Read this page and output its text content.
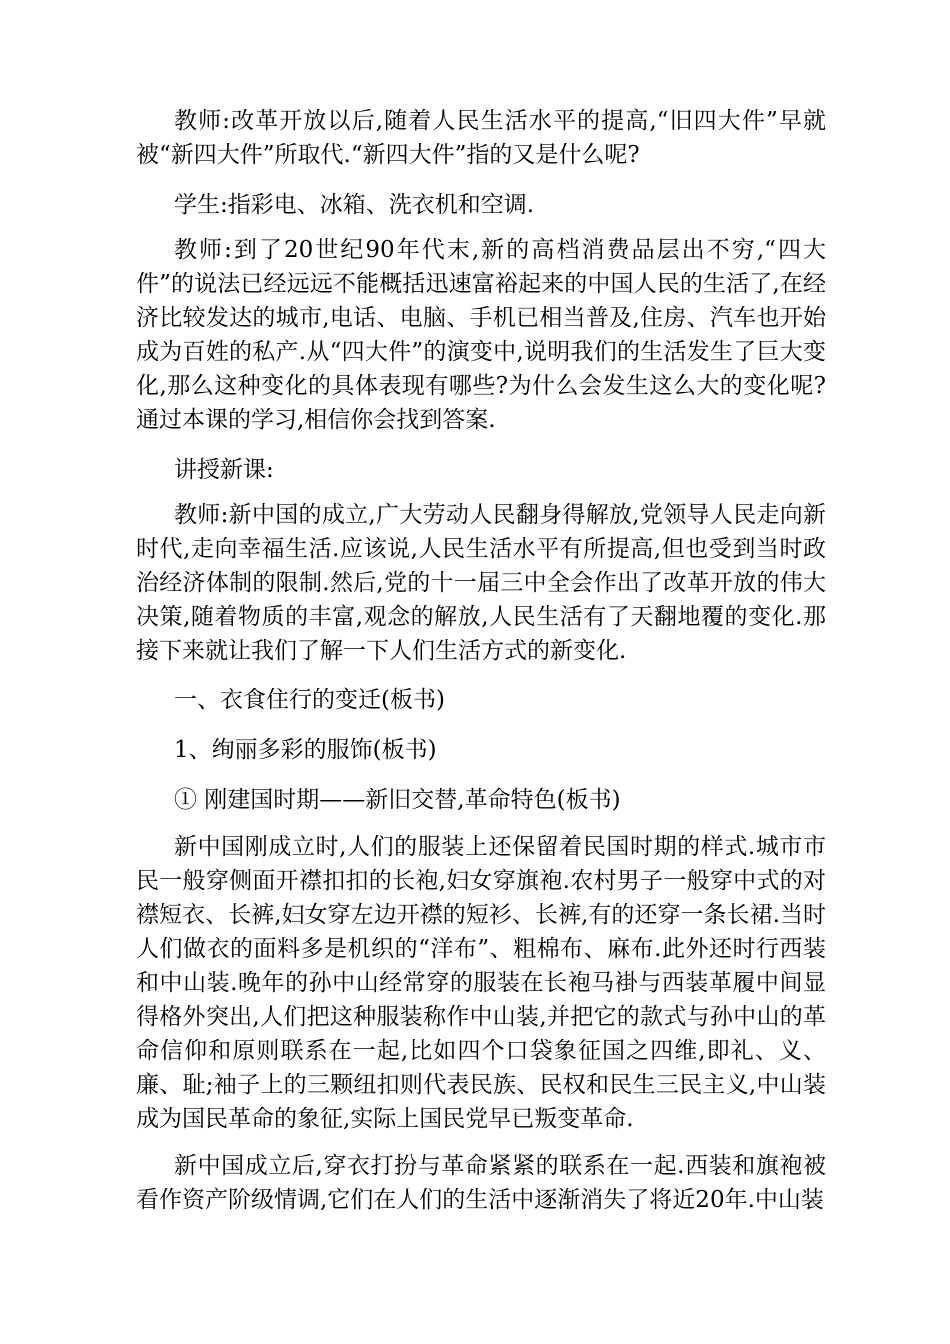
教师:改革开放以后,随着人民生活水平的提高,“旧四大件”早就被“新四大件”所取代.“新四大件”指的又是什么呢?

学生:指彩电、冰箱、洗衣机和空调.

教师:到了20世纪90年代末,新的高档消费品层出不穷,“四大件”的说法已经远远不能概括迅速富裕起来的中国人民的生活了,在经济比较发达的城市,电话、电脑、手机已相当普及,住房、汽车也开始成为百姓的私产.从“四大件”的演变中,说明我们的生活发生了巨大变化,那么这种变化的具体表现有哪些?为什么会发生这么大的变化呢?通过本课的学习,相信你会找到答案.

讲授新课:

教师:新中国的成立,广大劳动人民翻身得解放,党领导人民走向新时代,走向幸福生活.应该说,人民生活水平有所提高,但也受到当时政治经济体制的限制.然后,党的十一届三中全会作出了改革开放的伟大决策,随着物质的丰富,观念的解放,人民生活有了天翻地覆的变化.那接下来就让我们了解一下人们生活方式的新变化.

一、衣食住行的变迁(板书)

1、绚丽多彩的服饰(板书)

① 刚建国时期——新旧交替,革命特色(板书)

新中国刚成立时,人们的服装上还保留着民国时期的样式.城市市民一般穿侧面开襟扣扣的长袍,妇女穿旗袍.农村男子一般穿中式的对襟短衣、长裤,妇女穿左边开襟的短衫、长裤,有的还穿一条长裙.当时人们做衣的面料多是机织的“洋布”、粗棉布、麻布.此外还时行西装和中山装.晚年的孙中山经常穿的服装在长袍马褂与西装革履中间显得格外突出,人们把这种服装称作中山装,并把它的款式与孙中山的革命信仰和原则联系在一起,比如四个口袋象征国之四维,即礼、义、廉、耻;袖子上的三颗纽扣则代表民族、民权和民生三民主义,中山装成为国民革命的象征,实际上国民党早已叛变革命.

新中国成立后,穿衣打扮与革命紧紧的联系在一起.西装和旗袍被看作资产阶级情调,它们在人们的生活中逐渐消失了将近20年.中山装
